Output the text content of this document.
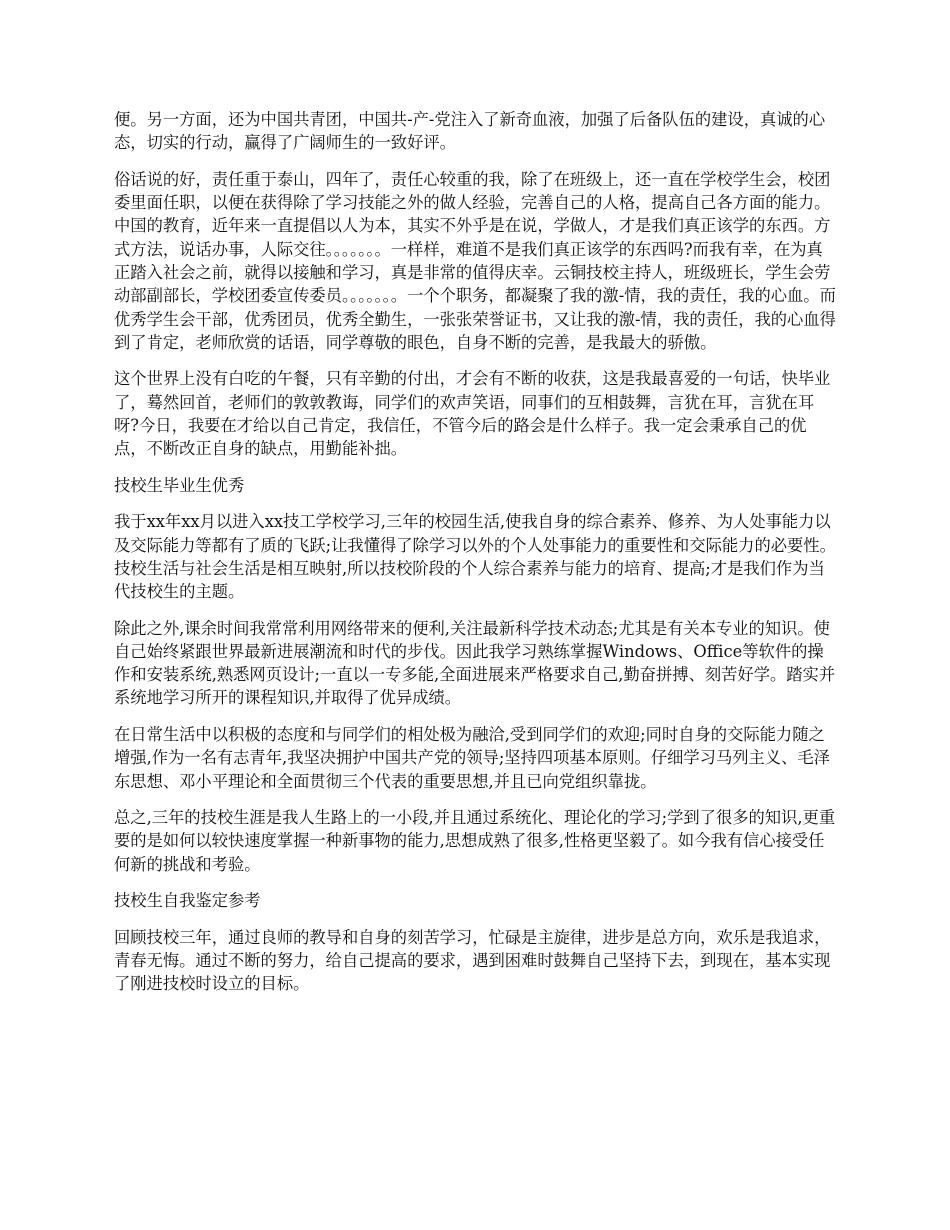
便。另一方面，还为中国共青团，中国共-产-党注入了新奇血液，加强了后备队伍的建设，真诚的心态，切实的行动，赢得了广阔师生的一致好评。

俗话说的好，责任重于泰山，四年了，责任心较重的我，除了在班级上，还一直在学校学生会，校团委里面任职，以便在获得除了学习技能之外的做人经验，完善自己的人格，提高自己各方面的能力。中国的教育，近年来一直提倡以人为本，其实不外乎是在说，学做人，才是我们真正该学的东西。方式方法，说话办事，人际交往。。。。。。。一样样，难道不是我们真正该学的东西吗?而我有幸，在为真正踏入社会之前，就得以接触和学习，真是非常的值得庆幸。云铜技校主持人，班级班长，学生会劳动部副部长，学校团委宣传委员。。。。。。。一个个职务，都凝聚了我的激-情，我的责任，我的心血。而优秀学生会干部，优秀团员，优秀全勤生，一张张荣誉证书，又让我的激-情，我的责任，我的心血得到了肯定，老师欣赏的话语，同学尊敬的眼色，自身不断的完善，是我最大的骄傲。

这个世界上没有白吃的午餐，只有辛勤的付出，才会有不断的收获，这是我最喜爱的一句话，快毕业了，蓦然回首，老师们的敦敦教诲，同学们的欢声笑语，同事们的互相鼓舞，言犹在耳，言犹在耳呀?今日，我要在才给以自己肯定，我信任，不管今后的路会是什么样子。我一定会秉承自己的优点，不断改正自身的缺点，用勤能补拙。

技校生毕业生优秀

我于xx年xx月以进入xx技工学校学习,三年的校园生活,使我自身的综合素养、修养、为人处事能力以及交际能力等都有了质的飞跃;让我懂得了除学习以外的个人处事能力的重要性和交际能力的必要性。技校生活与社会生活是相互映射,所以技校阶段的个人综合素养与能力的培育、提高;才是我们作为当代技校生的主题。

除此之外,课余时间我常常利用网络带来的便利,关注最新科学技术动态;尤其是有关本专业的知识。使自己始终紧跟世界最新进展潮流和时代的步伐。因此我学习熟练掌握Windows、Office等软件的操作和安装系统,熟悉网页设计;一直以一专多能,全面进展来严格要求自己,勤奋拼搏、刻苦好学。踏实并系统地学习所开的课程知识,并取得了优异成绩。

在日常生活中以积极的态度和与同学们的相处极为融洽,受到同学们的欢迎;同时自身的交际能力随之增强,作为一名有志青年,我坚决拥护中国共产党的领导;坚持四项基本原则。仔细学习马列主义、毛泽东思想、邓小平理论和全面贯彻三个代表的重要思想,并且已向党组织靠拢。

总之,三年的技校生涯是我人生路上的一小段,并且通过系统化、理论化的学习;学到了很多的知识,更重要的是如何以较快速度掌握一种新事物的能力,思想成熟了很多,性格更坚毅了。如今我有信心接受任何新的挑战和考验。

技校生自我鉴定参考

回顾技校三年，通过良师的教导和自身的刻苦学习，忙碌是主旋律，进步是总方向，欢乐是我追求，青春无悔。通过不断的努力，给自己提高的要求，遇到困难时鼓舞自己坚持下去，到现在，基本实现了刚进技校时设立的目标。
